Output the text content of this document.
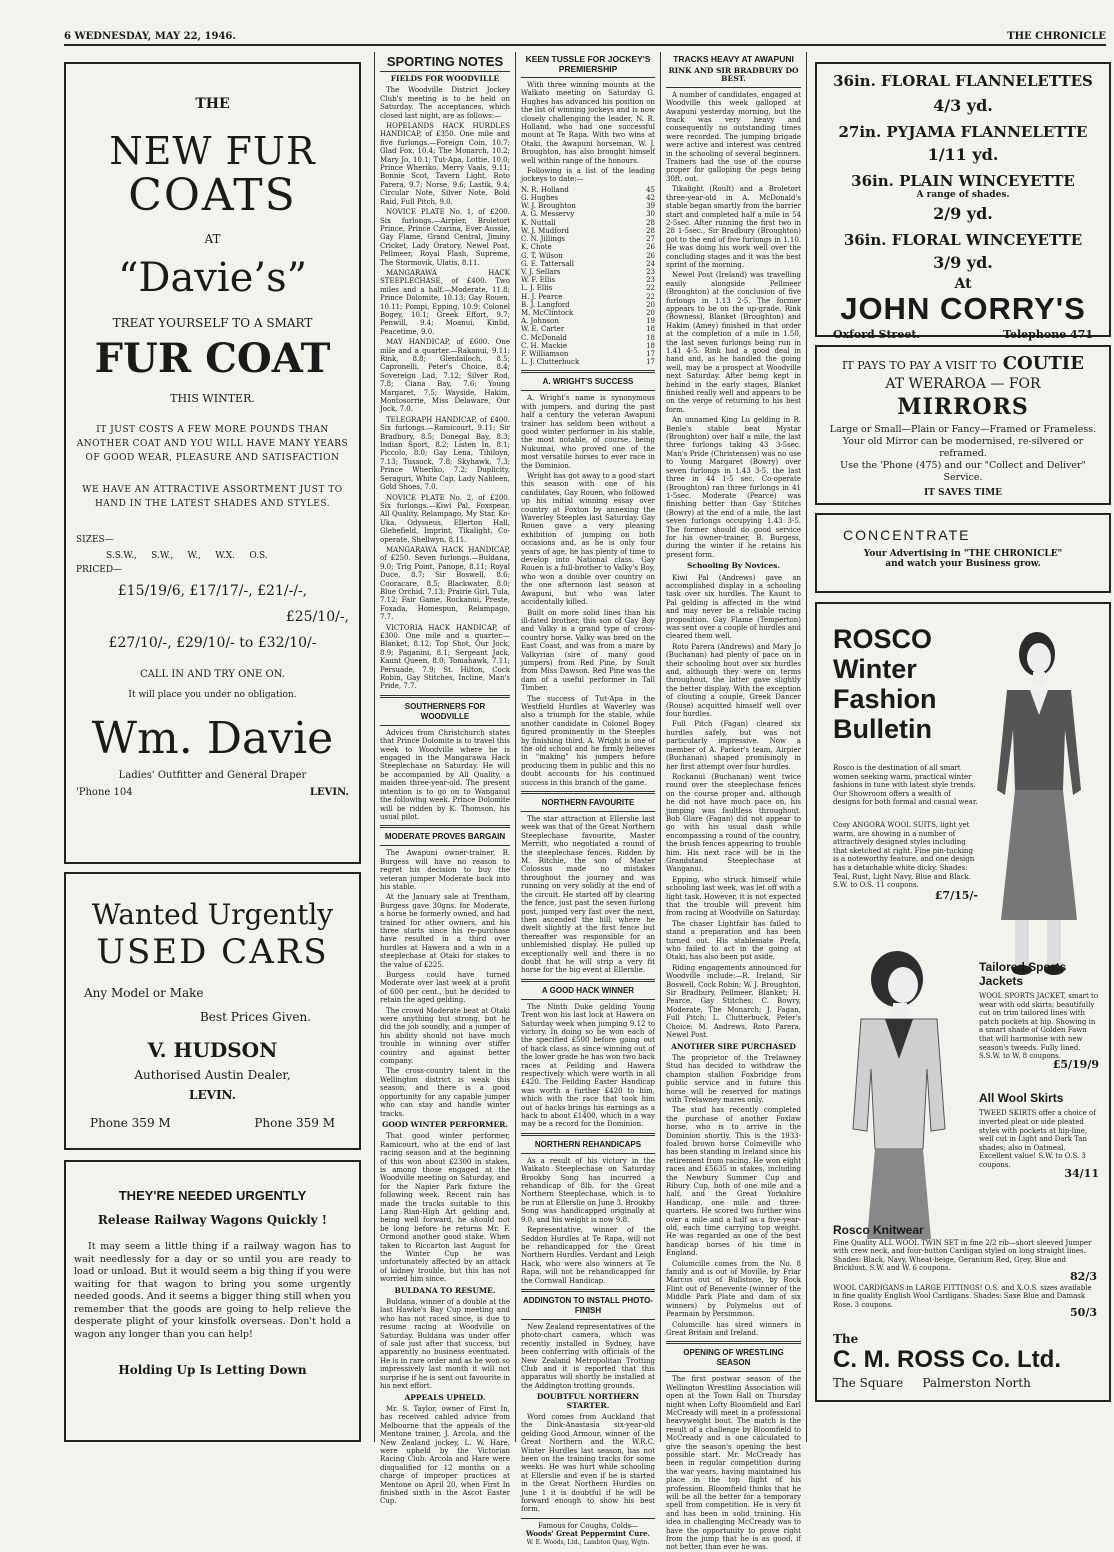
6 WEDNESDAY, MAY 22, 1946.	THE CHRONICLE
THE
NEW FUR
COATS
AT
“Davie’s”
TREAT YOURSELF TO A SMART
FUR COAT
THIS WINTER.
IT JUST COSTS A FEW MORE POUNDS THAN ANOTHER COAT AND YOU WILL HAVE MANY YEARS OF GOOD WEAR, PLEASURE AND SATISFACTION
WE HAVE AN ATTRACTIVE ASSORTMENT JUST TO HAND IN THE LATEST SHADES AND STYLES.
SIZES—
S.S.W.,     S.W.,     W.,     W.X.     O.S.
PRICED—
£15/19/6, £17/17/-, £21/-/-,
£25/10/-,
£27/10/-, £29/10/- to £32/10/-
CALL IN AND TRY ONE ON.
It will place you under no obligation.
Wm. Davie
Ladies' Outfitter and General Draper
'Phone 104	LEVIN.
Wanted Urgently
USED CARS
Any Model or Make
Best Prices Given.
V. HUDSON
Authorised Austin Dealer,
LEVIN.
Phone 359 M	Phone 359 M
THEY'RE NEEDED URGENTLY
Release Railway Wagons Quickly !
It may seem a little thing if a railway wagon has to wait needlessly for a day or so until you are ready to load or unload. But it would seem a big thing if you were waiting for that wagon to bring you some urgently needed goods. And it seems a bigger thing still when you remember that the goods are going to help relieve the desperate plight of your kinsfolk overseas. Don't hold a wagon any longer than you can help!
Holding Up Is Letting Down
SPORTING NOTES
FIELDS FOR WOODVILLE

The Woodville District Jockey Club's meeting is to be held on Saturday. The acceptances, which closed last night, are as follows:—

HOPELANDS HACK HURDLES HANDICAP, of £350. One mile and five furlongs.—Foreign Coin, 10.7; Glad Fox, 10.4; The Monarch, 10.2; Mary Jo, 10.1; Tut-Apa, Lottie, 10.0; Prince Wheriko, Merry Vaals, 9.11; Bonnie Scot, Tavern Light, Roto Parera, 9.7; Norse, 9.6; Lastik, 9.4; Circular Note, Silver Note, Bold Raid, Full Pitch, 9.0.

NOVICE PLATE No. 1, of £200. Six furlongs.—Airpier, Broletort Prince, Prince Czarina, Ever Aussie, Gay Flame, Grand Central, Jiminy Cricket, Lady Oratory, Newel Post, Pellmeer, Royal Flash, Supreme, The Stormovik, Ulatis, 8.11.

MANGARAWA HACK STEEPLECHASE, of £400. Two miles and a half.—Moderate, 11.8; Prince Dolomite, 10.13; Gay Rouen, 10.11; Pompi, Epping, 10.9; Colonel Bogey, 10.1; Greek Effort, 9.7; Penwill, 9.4; Moanui, Kinlid, Peacetime, 9.0.

MAY HANDICAP, of £600. One mile and a quarter.—Rakanui, 9.11; Rink, 8.8; Glenfailoch, 8.5; Capronelli, Peter's Choice, 8.4; Sovereign Lad, 7.12; Silver Rod, 7.8; Ciana Bay, 7.6; Young Margaret, 7.5; Wayside, Hakim, Montosorrie, Miss Delaware, Our Jock, 7.0.

TELEGRAPH HANDICAP, of £400. Six furlongs.—Ramicourt, 9.11; Sir Bradbury, 8.5; Donegal Bay, 8.3; Indian Sport, 8.2; Listen In, 8.1; Piccolo, 8.0; Gay Lena, Tihiloyn, 7.13; Tussock, 7.8; Skyhawk, 7.3; Prince Wheriko, 7.2; Duplicity, Seraguri, White Cap, Lady Nahleen, Gold Shoes, 7.0.

NOVICE PLATE No. 2, of £200. Six furlongs.—Kiwi Pal, Foxspear, All Quality, Relampago, My Star, Ko-Uka, Odysseus, Ellerton Hall, Glebefield, Imprint, Tikalight, Co-operate, Shellwyn, 8.11.

MANGARAWA HACK HANDICAP, of £250. Seven furlongs.—Buldana, 9.0; Trig Point, Panope, 8.11; Royal Duce, 8.7; Sir Boswell, 8.6; Cooracare, 8.5; Blackwater, 8.0; Blue Orchid, 7.13; Prairie Girl, Tula, 7.12; Fair Game, Rockanui, Preste, Foxada, Homespun, Relampago, 7.7.

VICTORIA HACK HANDICAP, of £300. One mile and a quarter.—Blanket, 8.12; Top Shot, Our Jock, 8.9; Paganini, 8.1; Sergeant Jack, Kaunt Queen, 8.0; Tomahawk, 7.11; Persuade, 7.9; St. Hilton, Cock Robin, Gay Stitches, Incline, Man's Pride, 7.7.

SOUTHERNERS FOR WOODVILLE

Advices from Christchurch states that Prince Dolomite is to travel this week to Woodville where he is engaged in the Mangarawa Hack Steeplechase on Saturday. He will be accompanied by All Quality, a maiden three-year-old. The present intention is to go on to Wanganui the following week. Prince Dolomite will be ridden by K. Thomson, his usual pilot.

MODERATE PROVES BARGAIN

The Awapuni owner-trainer, B. Burgess will have no reason to regret his decision to buy the veteran jumper Moderate back into his stable.

At the January sale at Trentham, Burgess gave 30gns. for Moderate, a horse he formerly owned, and had trained for other owners, and his three starts since his re-purchase have resulted in a third over hurdles at Hawera and a win in a steeplechase at Otaki for stakes to the value of £225.

Burgess could have turned Moderate over last week at a profit of 600 per cent., but he decided to retain the aged gelding.

The crowd Moderate beat at Otaki were anything but strong, but he did the job soundly, and a jumper of his ability should not have much trouble in winning over stiffer country and against better company.

The cross-country talent in the Wellington district is weak this season, and there is a good opportunity for any capable jumper who can stay and handle winter tracks.

GOOD WINTER PERFORMER.

That good winter performer, Ramicourt, who at the end of last racing season and at the beginning of this won about £2300 in stakes, is among those engaged at the Woodville meeting on Saturday, and for the Napier Park fixture the following week. Recent rain has made the tracks suitable to this Lang Rian-High Art gelding and, being well forward, he should not be long before he returns Mr. F. Ormond another good stake. When taken to Riccarton last August for the Winter Cup he was unfortunately affected by an attack of kidney trouble, but this has not worried him since.

BULDANA TO RESUME.

Buldana, winner of a double at the last Hawke's Bay Cup meeting and who has not raced since, is due to resume racing at Woodville on Saturday. Buldana was under offer of sale just after that success, but apparently no business eventuated. He is in rare order and as he won so impressively last month it will not surprise if he is sent out favourite in his next effort.

APPEALS UPHELD.

Mr. S. Taylor, owner of First In, has received cabled advice from Melbourne that the appeals of the Mentone trainer, J. Arcola, and the New Zealand jockey, L. W. Hare, were upheld by the Victorian Racing Club. Arcola and Hare were disqualified for 12 months on a charge of improper practices at Mentone on April 20, when First In finished sixth in the Ascot Easter Cup.

KEEN TUSSLE FOR JOCKEY'S PREMIERSHIP

With three winning mounts at the Waikato meeting on Saturday G. Hughes has advanced his position on the list of winning jockeys and is now closely challenging the leader, N. R. Holland, who had one successful mount at Te Rapa. With two wins at Otaki, the Awapuni horseman, W. J. Broughton, has also brought himself well within range of the honours.

Following is a list of the leading jockeys to date:—

N. R. Holland	45
G. Hughes	42
W. J. Broughton	39
A. G. Messervy	30
K. Nuttall	28
W. J. Mudford	28
C. N. Jillings	27
K. Chote	26
G. T. Wilson	26
G. E. Tattersall	24
V. J. Sellars	23
W. F. Ellis	23
L. J. Ellis	22
H. J. Pearce	22
B. J. Langford	20
M. McClintock	20
A. Johnson	19
W. E. Carter	18
C. McDonald	18
C. H. Mackie	18
F. Williamson	17
L. J. Clutterbuck	17
A. WRIGHT'S SUCCESS

A. Wright's name is synonymous with jumpers, and during the past half a century the veteran Awapuni trainer has seldom been without a good winter performer in his stable, the most notable, of course, being Nukumai, who proved one of the most versatile horses to ever race in the Dominion.

Wright has got away to a good start this season with one of his candidates, Gay Rouen, who followed up his initial winning essay over country at Foxton by annexing the Waverley Steeples last Saturday. Gay Rouen gave a very pleasing exhibition of jumping on both occasions and, as he is only four years of age, he has plenty of time to develop into National class. Gay Rouen is a full-brother to Valky's Boy, who won a double over country on the one afternoon last season at Awapuni, but who was later accidentally killed.

Built on more solid lines than his ill-fated brother, this son of Gay Boy and Valky is a grand type of cross-country horse. Valky was bred on the East Coast, and was from a mare by Valkyrian (sire of many good jumpers) from Red Pine, by Soult from Miss Dawson. Red Pine was the dam of a useful performer in Tall Timber.

The success of Tut-Apa in the Westfield Hurdles at Waverley was also a triumph for the stable, while another candidate in Colonel Bogey figured prominently in the Steeples by finishing third. A. Wright is one of the old school and he firmly believes in "making" his jumpers before producing them in public and this no doubt accounts for his continued success in this branch of the game.

NORTHERN FAVOURITE

The star attraction at Ellerslie last week was that of the Great Northern Steeplechase favourite, Master Merritt, who negotiated a round of the steeplechase fences. Ridden by M. Ritchie, the son of Master Colossus made no mistakes throughout the journey and was running on very solidly at the end of the circuit. He started off by clearing the fence, just past the seven furlong post, jumped very fast over the next, then ascended the hill, where he dwelt slightly at the first fence but thereafter was responsible for an unblemished display. He pulled up exceptionally well and there is no doubt that he will strip a very fit horse for the big event at Ellerslie.

A GOOD HACK WINNER

The Ninth Duke gelding Young Trent won his last lock at Hawera on Saturday week when jumping 9.12 to victory. In doing so he won each of the specified £500 before going out of hack class, as since winning out of the lower grade he has won two back races at Feilding and Hawera respectively which were worth in all £420. The Feilding Easter Handicap was worth a further £420 to him, which with the race that took him out of hacks brings his earnings as a hack to about £1400, which in a way may be a record for the Dominion.

NORTHERN REHANDICAPS

As a result of his victory in the Waikato Steeplechase on Saturday Brookby Song has incurred a rehandicap of 8lb. for the Great Northern Steeplechase, which is to be run at Ellerslie on June 3. Brookby Song was handicapped originally at 9.0, and his weight is now 9.8.

Representative, winner of the Seddon Hurdles at Te Rapa, will not be rehandicapped for the Great Northern Hurdles. Verdant and Leigh Hack, who were also winners at Te Rapa, will not be rehandicapped for the Cornwall Handicap.

ADDINGTON TO INSTALL PHOTO-FINISH

New Zealand representatives of the photo-chart camera, which was recently installed in Sydney, have been conferring with officials of the New Zealand Metropolitan Trotting Club and it is reported that this apparatus will shortly be installed at the Addington trotting grounds.

DOUBTFUL NORTHERN STARTER.

Word comes from Auckland that the Dink-Anastasia six-year-old gelding Good Armour, winner of the Great Northern and the W.R.C. Winter Hurdles last season, has not been on the training tracks for some weeks. He was hurt while schooling at Ellerslie and even if he is started in the Great Northern Hurdles on June 1 it is doubtful if he will be forward enough to show his best form.

Famous for Coughs, Colds—
Woods' Great Peppermint Cure.
W. E. Woods, Ltd., Lambton Quay, Wgtn.
TRACKS HEAVY AT AWAPUNI
RINK AND SIR BRADBURY DO BEST.

A number of candidates, engaged at Woodville this week galloped at Awapuni yesterday morning, but the track was very heavy and consequently no outstanding times were recorded. The jumping brigade were active and interest was centred in the schooling of several beginners. Trainers had the use of the course proper for galloping the pegs being 30ft. out.

Tikalight (Roult) and a Broletort three-year-old in A. McDonald's stable began smartly from the barrier start and completed half a mile in 54 2-5sec. After running the first two in 28 1-5sec., Sir Bradbury (Broughton) got to the end of five furlongs in 1.10. He was doing his work well over the concluding stages and it was the best sprint of the morning.

Newel Post (Ireland) was travelling easily alongside Pellmeer (Broughton) at the conclusion of five furlongs in 1.13 2-5. The former appears to be on the up-grade. Rink (Bowness), Blanket (Broughton) and Hakim (Amey) finished in that order at the completion of a mile in 1.50, the last seven furlongs being run in 1.41 4-5. Rink had a good deal in hand and, as he handled the going well, may be a prospect at Woodville next Saturday. After being kept in behind in the early stages, Blanket finished really well and appears to be on the verge of returning to his best form.

An unnamed King Lu gelding in R. Benle's stable beat Mystar (Broughton) over half a mile, the last three furlongs taking 43 3-5sec. Man's Pride (Christensen) was no use to Young Margaret (Bowry) over seven furlongs in 1.43 3-5, the last three in 44 1-5 sec. Co-operate (Broughton) ran three furlongs in 41 1-5sec. Moderate (Pearce) was finishing better than Gay Stitches (Bowry) at the end of a mile, the last seven furlongs occupying 1.43 3-5. The former should do good service for his owner-trainer, B. Burgess, during the winter if he retains his present form.

Schooling By Novices.

Kiwi Pal (Andrews) gave an accomplished display in a schooling task over six hurdles. The Kaunt to Pal gelding is affected in the wind and may never be a reliable racing proposition. Gay Flame (Temperton) was sent over a couple of hurdles and cleared them well.

Roto Parera (Andrews) and Mary Jo (Buchanan) had plenty of pace on in their schooling bout over six hurdles and, although they were on terms throughout, the latter gave slightly the better display. With the exception of clouting a couple, Greek Dancer (Rouse) acquitted himself well over four hurdles.

Full Pitch (Fagan) cleared six hurdles safely, but was not particularly impressive. Now a member of A. Parker's team, Airpier (Buchanan) shaped promisingly in her first attempt over four hurdles.

Rockanui (Buchanan) went twice round over the steeplechase fences on the course proper and, although he did not have much pace on, his jumping was faultless throughout. Bob Glare (Fagan) did not appear to go with his usual dash while encompassing a round of the country, the brush fences appearing to trouble him. His next race will be in the Grandstand Steeplechase at Wanganui.

Epping, who struck himself while schooling last week, was let off with a light task. However, it is not expected that the trouble will prevent him from racing at Woodville on Saturday.

The chaser Lightfair has failed to stand a preparation and has been turned out. His stablemate Prefa, who failed to act in the going at Otaki, has also been put aside.

Riding engagements announced for Woodville include:—R. Ireland, Sir Boswell, Cock Robin; W. J. Broughton, Sir Bradbury, Pellmeer, Blanket; H. Pearce, Gay Stitches; C. Bowry, Moderate, The Monarch; J. Fagan, Full Pitch; L. Clutterbuck, Peter's Choice; M. Andrews, Roto Parera, Newel Post.

ANOTHER SIRE PURCHASED

The proprietor of the Trelawney Stud has decided to withdraw the champion stallion Foxbridge from public service and in future this horse will be reserved for matings with Trelawney mares only.

The stud has recently completed the purchase of another Foxlaw horse, who is to arrive in the Dominion shortly. This is the 1933-foaled brown horse Colmeville who has been standing in Ireland since his retirement from racing. He won eight races and £5635 in stakes, including the Newbury Summer Cup and Ribury Cup, both of one mile and a half, and the Great Yorkshire Handicap, one mile and three-quarters. He scored two further wins over a mile and a half as a five-year-old, each time carrying top weight. He was regarded as one of the best handicap horses of his time in England.

Columcille comes from the No. 8 family and is out of Moville, by Friar Marcus out of Bullstone, by Rock Flint out of Benevente (winner of the Middle Park Plate and dam of six winners) by Polymelus out of Pearmain by Persimmon.

Columcille has sired winners in Great Britain and Ireland.

OPENING OF WRESTLING SEASON

The first postwar season of the Wellington Wrestling Association will open at the Town Hall on Thursday night when Lofty Bloomfield and Earl McCready will meet in a professional heavyweight bout. The match is the result of a challenge by Bloomfield to McCready and is one calculated to give the season's opening the best possible start. Mr. McCready has been in regular competition during the war years, having maintained his place in the top flight of his profession. Bloomfield thinks that he will be all the better for a temporary spell from competition. He is very fit and has been in solid training. His idea in challenging McCready was to have the opportunity to prove right from the jump that he is as good, if not better, than ever he was.

36in. FLORAL FLANNELETTES
4/3 yd.
27in. PYJAMA FLANNELETTE
1/11 yd.
36in. PLAIN WINCEYETTE
A range of shades.
2/9 yd.
36in. FLORAL WINCEYETTE
3/9 yd.
At
JOHN CORRY'S
Oxford Street.	Telephone 471
IT PAYS TO PAY A VISIT TO COUTIE
AT WERAROA — FOR
MIRRORS
Large or Small—Plain or Fancy—Framed or Frameless. Your old Mirror can be modernised, re-silvered or reframed.
Use the 'Phone (475) and our "Collect and Deliver" Service.
IT SAVES TIME
CONCENTRATE
Your Advertising in "THE CHRONICLE"
and watch your Business grow.
ROSCO
Winter
Fashion
Bulletin
Rosco is the destination of all smart women seeking warm, practical winter fashions in tune with latest style trends. Our Showroom offers a wealth of designs for both formal and casual wear.
Cosy ANGORA WOOL SUITS, light yet warm, are showing in a number of attractively designed styles including that sketched at right. Fine pin-tucking is a noteworthy feature, and one design has a detachable white dicky. Shades: Teal, Rust, Light Navy, Blue and Black. S.W. to O.S. 11 coupons.
£7/15/-
Tailored Sports Jackets
WOOL SPORTS JACKET, smart to wear with odd skirts; beautifully cut on trim tailored lines with patch pockets at hip. Showing in a smart shade of Golden Fawn that will harmonise with new season's tweeds. Fully lined. S.S.W. to W. 8 coupons.
£5/19/9
All Wool Skirts
TWEED SKIRTS offer a choice of inverted pleat or side pleated styles with pockets at hip-line, well cut in Light and Dark Tan shades; also in Oatmeal. Excellent value! S.W. to O.S. 3 coupons.
34/11
Rosco Knitwear
Fine Quality ALL WOOL TWIN SET in fine 2/2 rib—short sleeved Jumper with crew neck, and four-button Cardigan styled on long straight lines. Shades: Black, Navy, Wheat-beige, Geranium Red, Grey, Blue and Bricklust. S.W. and W. 6 coupons.
82/3
WOOL CARDIGANS in LARGE FITTINGS! O.S. and X.O.S. sizes available in fine quality English Wool Cardigans. Shades: Saxe Blue and Damask Rose. 3 coupons.
50/3
The
C. M. ROSS Co. Ltd.
The Square     Palmerston North
